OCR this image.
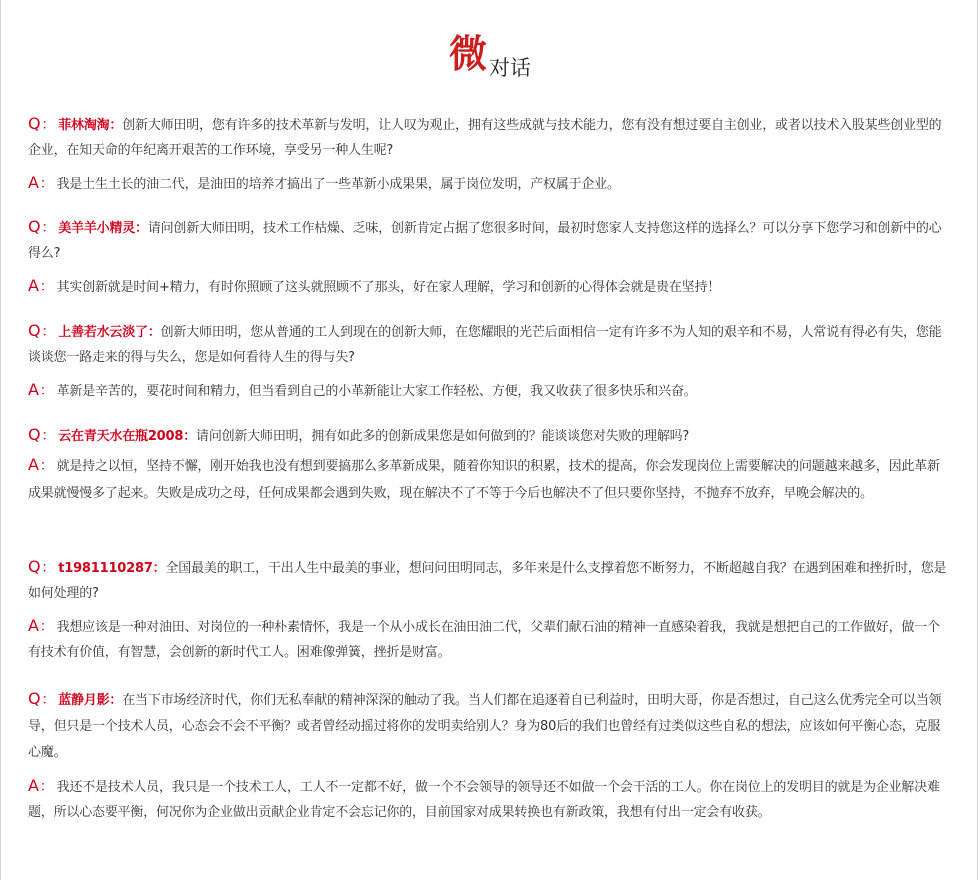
微对话

Q： 菲林淘淘：创新大师田明，您有许多的技术革新与发明，让人叹为观止，拥有这些成就与技术能力，您有没有想过要自主创业，或者以技术入股某些创业型的企业，在知天命的年纪离开艰苦的工作环境，享受另一种人生呢?

A： 我是土生土长的油二代，是油田的培养才搞出了一些革新小成果果，属于岗位发明，产权属于企业。

Q： 美羊羊小精灵：请问创新大师田明，技术工作枯燥、乏味，创新肯定占据了您很多时间，最初时您家人支持您这样的选择么？可以分享下您学习和创新中的心得么?

A： 其实创新就是时间+精力，有时你照顾了这头就照顾不了那头，好在家人理解，学习和创新的心得体会就是贵在坚持！

Q： 上善若水云淡了：创新大师田明，您从普通的工人到现在的创新大师，在您耀眼的光芒后面相信一定有许多不为人知的艰辛和不易，人常说有得必有失，您能谈谈您一路走来的得与失么，您是如何看待人生的得与失?

A： 革新是辛苦的，要花时间和精力，但当看到自己的小革新能让大家工作轻松、方便，我又收获了很多快乐和兴奋。

Q： 云在青天水在瓶2008：请问创新大师田明，拥有如此多的创新成果您是如何做到的？能谈谈您对失败的理解吗?

A： 就是持之以恒，坚持不懈，刚开始我也没有想到要搞那么多革新成果，随着你知识的积累，技术的提高，你会发现岗位上需要解决的问题越来越多，因此革新成果就慢慢多了起来。失败是成功之母，任何成果都会遇到失败，现在解决不了不等于今后也解决不了但只要你坚持，不抛弃不放弃，早晚会解决的。

Q： t1981110287：全国最美的职工，干出人生中最美的事业，想问问田明同志，多年来是什么支撑着您不断努力，不断超越自我？在遇到困难和挫折时，您是如何处理的?

A： 我想应该是一种对油田、对岗位的一种朴素情怀，我是一个从小成长在油田油二代，父辈们献石油的精神一直感染着我，我就是想把自己的工作做好，做一个有技术有价值，有智慧，会创新的新时代工人。困难像弹簧，挫折是财富。

Q： 蓝静月影：在当下市场经济时代，你们无私奉献的精神深深的触动了我。当人们都在追逐着自已利益时，田明大哥，你是否想过，自己这么优秀完全可以当领导，但只是一个技术人员，心态会不会不平衡？或者曾经动摇过将你的发明卖给别人？身为80后的我们也曾经有过类似这些自私的想法，应该如何平衡心态，克服心魔。

A： 我还不是技术人员，我只是一个技术工人，工人不一定都不好，做一个不会领导的领导还不如做一个会干活的工人。你在岗位上的发明目的就是为企业解决难题，所以心态要平衡，何况你为企业做出贡献企业肯定不会忘记你的，目前国家对成果转换也有新政策，我想有付出一定会有收获。
